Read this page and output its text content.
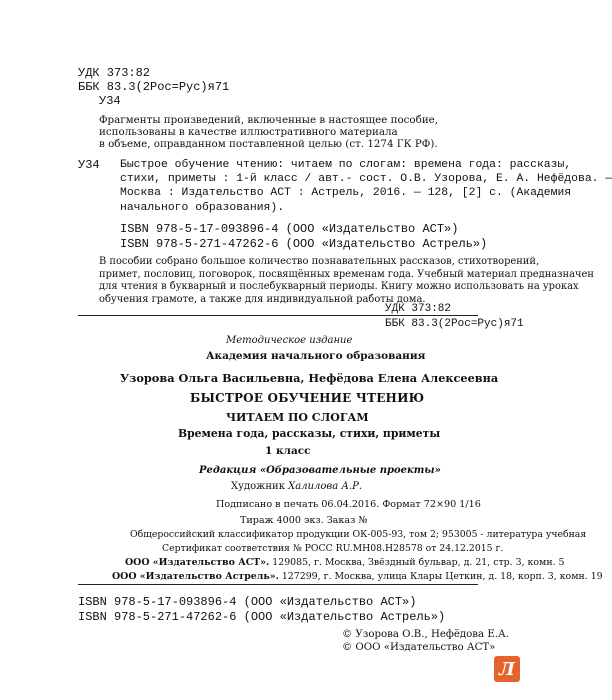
УДК 373:82
ББК 83.3(2Рос=Рус)я71
У34
Фрагменты произведений, включенные в настоящее пособие,
использованы в качестве иллюстративного материала
в объеме, оправданном поставленной целью (ст. 1274 ГК РФ).
У34 Быстрое обучение чтению: читаем по слогам: времена года: рассказы,
стихи, приметы : 1-й класс / авт.- сост. О.В. Узорова, Е. А. Нефёдова. —
Москва : Издательство АСТ : Астрель, 2016. — 128, [2] с. (Академия
начального образования).
ISBN 978-5-17-093896-4 (ООО «Издательство АСТ»)
ISBN 978-5-271-47262-6 (ООО «Издательство Астрель»)
В пособии собрано большое количество познавательных рассказов, стихотворений,
примет, пословиц, поговорок, посвящённых временам года. Учебный материал предназначен
для чтения в букварный и послебукварный периоды. Книгу можно использовать на уроках
обучения грамоте, а также для индивидуальной работы дома.
УДК 373:82
ББК 83.3(2Рос=Рус)я71
Методическое издание
Академия начального образования
Узорова Ольга Васильевна, Нефёдова Елена Алексеевна
БЫСТРОЕ ОБУЧЕНИЕ ЧТЕНИЮ
ЧИТАЕМ ПО СЛОГАМ
Времена года, рассказы, стихи, приметы
1 класс
Редакция «Образовательные проекты»
Художник Халилова А.Р.
Подписано в печать 06.04.2016. Формат 72×90 1/16
Тираж 4000 экз. Заказ №
Общероссийский классификатор продукции ОК-005-93, том 2; 953005 - литература учебная
Сертификат соответствия № РОСС RU.МН08.Н28578 от 24.12.2015 г.
ООО «Издательство АСТ». 129085, г. Москва, Звёздный бульвар, д. 21, стр. 3, комн. 5
ООО «Издательство Астрель». 127299, г. Москва, улица Клары Цеткин, д. 18, корп. 3, комн. 19
ISBN 978-5-17-093896-4 (ООО «Издательство АСТ»)
ISBN 978-5-271-47262-6 (ООО «Издательство Астрель»)
© Узорова О.В., Нефёдова Е.А.
© ООО «Издательство АСТ»
Л
